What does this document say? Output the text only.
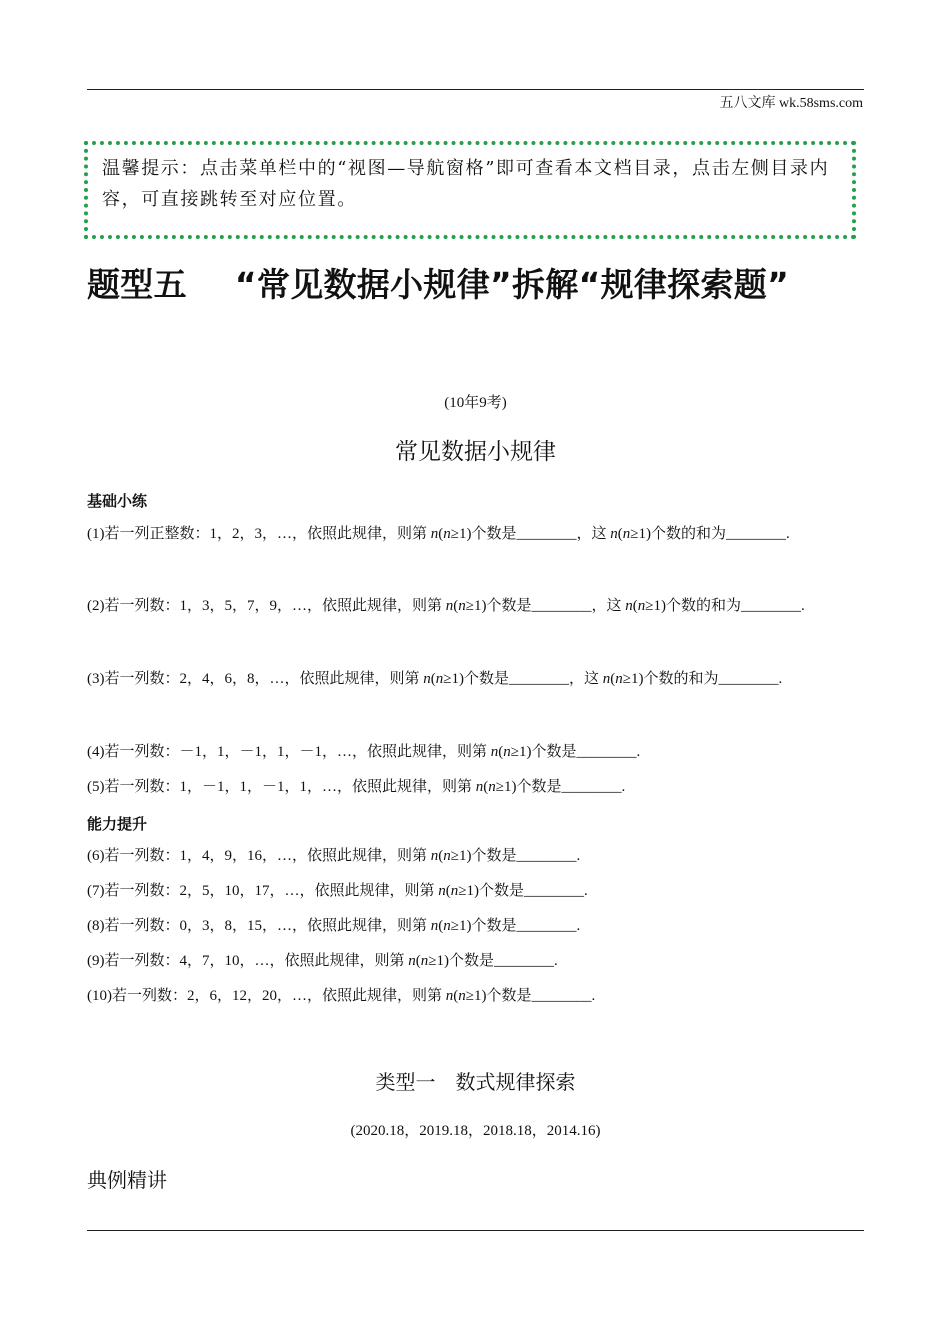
五八文库 wk.58sms.com

温馨提示：点击菜单栏中的“视图—导航窗格”即可查看本文档目录，点击左侧目录内容，可直接跳转至对应位置。

题型五 “常见数据小规律”拆解“规律探索题”
(10年9考)
常见数据小规律
基础小练
(1)若一列正整数：1，2，3，…，依照此规律，则第 n(n≥1)个数是________，这 n(n≥1)个数的和为________.
(2)若一列数：1，3，5，7，9，…，依照此规律，则第 n(n≥1)个数是________，这 n(n≥1)个数的和为________.
(3)若一列数：2，4，6，8，…，依照此规律，则第 n(n≥1)个数是________，这 n(n≥1)个数的和为________.
(4)若一列数：－1，1，－1，1，－1，…，依照此规律，则第 n(n≥1)个数是________.
(5)若一列数：1，－1，1，－1，1，…，依照此规律，则第 n(n≥1)个数是________.
能力提升
(6)若一列数：1，4，9，16，…，依照此规律，则第 n(n≥1)个数是________.
(7)若一列数：2，5，10，17，…，依照此规律，则第 n(n≥1)个数是________.
(8)若一列数：0，3，8，15，…，依照此规律，则第 n(n≥1)个数是________.
(9)若一列数：4，7，10，…，依照此规律，则第 n(n≥1)个数是________.
(10)若一列数：2，6，12，20，…，依照此规律，则第 n(n≥1)个数是________.
类型一　数式规律探索
(2020.18，2019.18，2018.18，2014.16)
典例精讲
